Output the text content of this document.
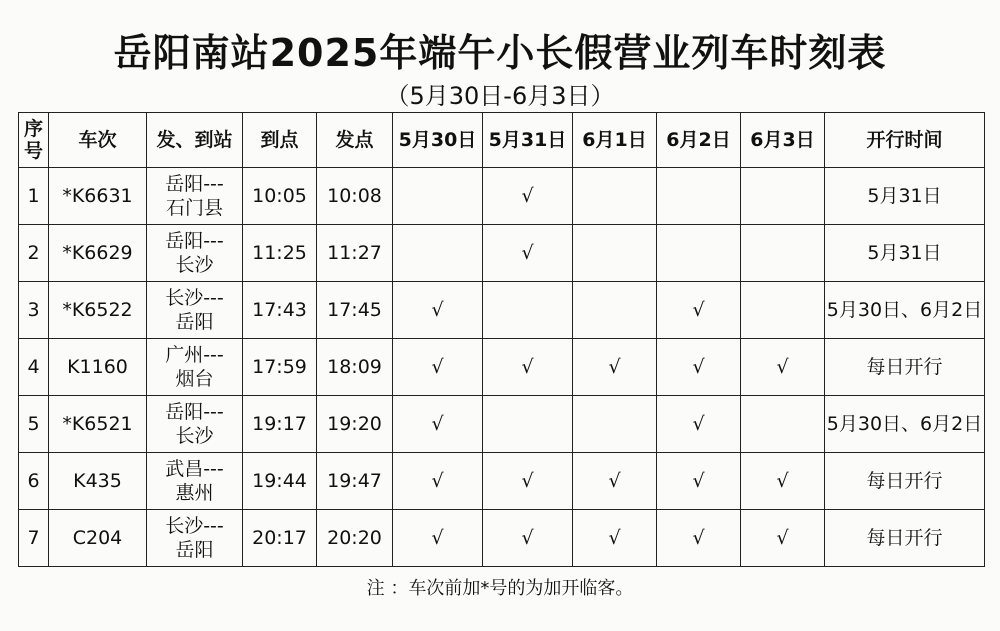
岳阳南站2025年端午小长假营业列车时刻表
（5月30日-6月3日）
序号	车次	发、到站	到点	发点	5月30日	5月31日	6月1日	6月2日	6月3日	开行时间
1	*K6631	岳阳---
石门县	10:05	10:08		√				5月31日
2	*K6629	岳阳---
长沙	11:25	11:27		√				5月31日
3	*K6522	长沙---
岳阳	17:43	17:45	√			√		5月30日、6月2日
4	K1160	广州---
烟台	17:59	18:09	√	√	√	√	√	每日开行
5	*K6521	岳阳---
长沙	19:17	19:20	√			√		5月30日、6月2日
6	K435	武昌---
惠州	19:44	19:47	√	√	√	√	√	每日开行
7	C204	长沙---
岳阳	20:17	20:20	√	√	√	√	√	每日开行
注 ：车次前加*号的为加开临客。
